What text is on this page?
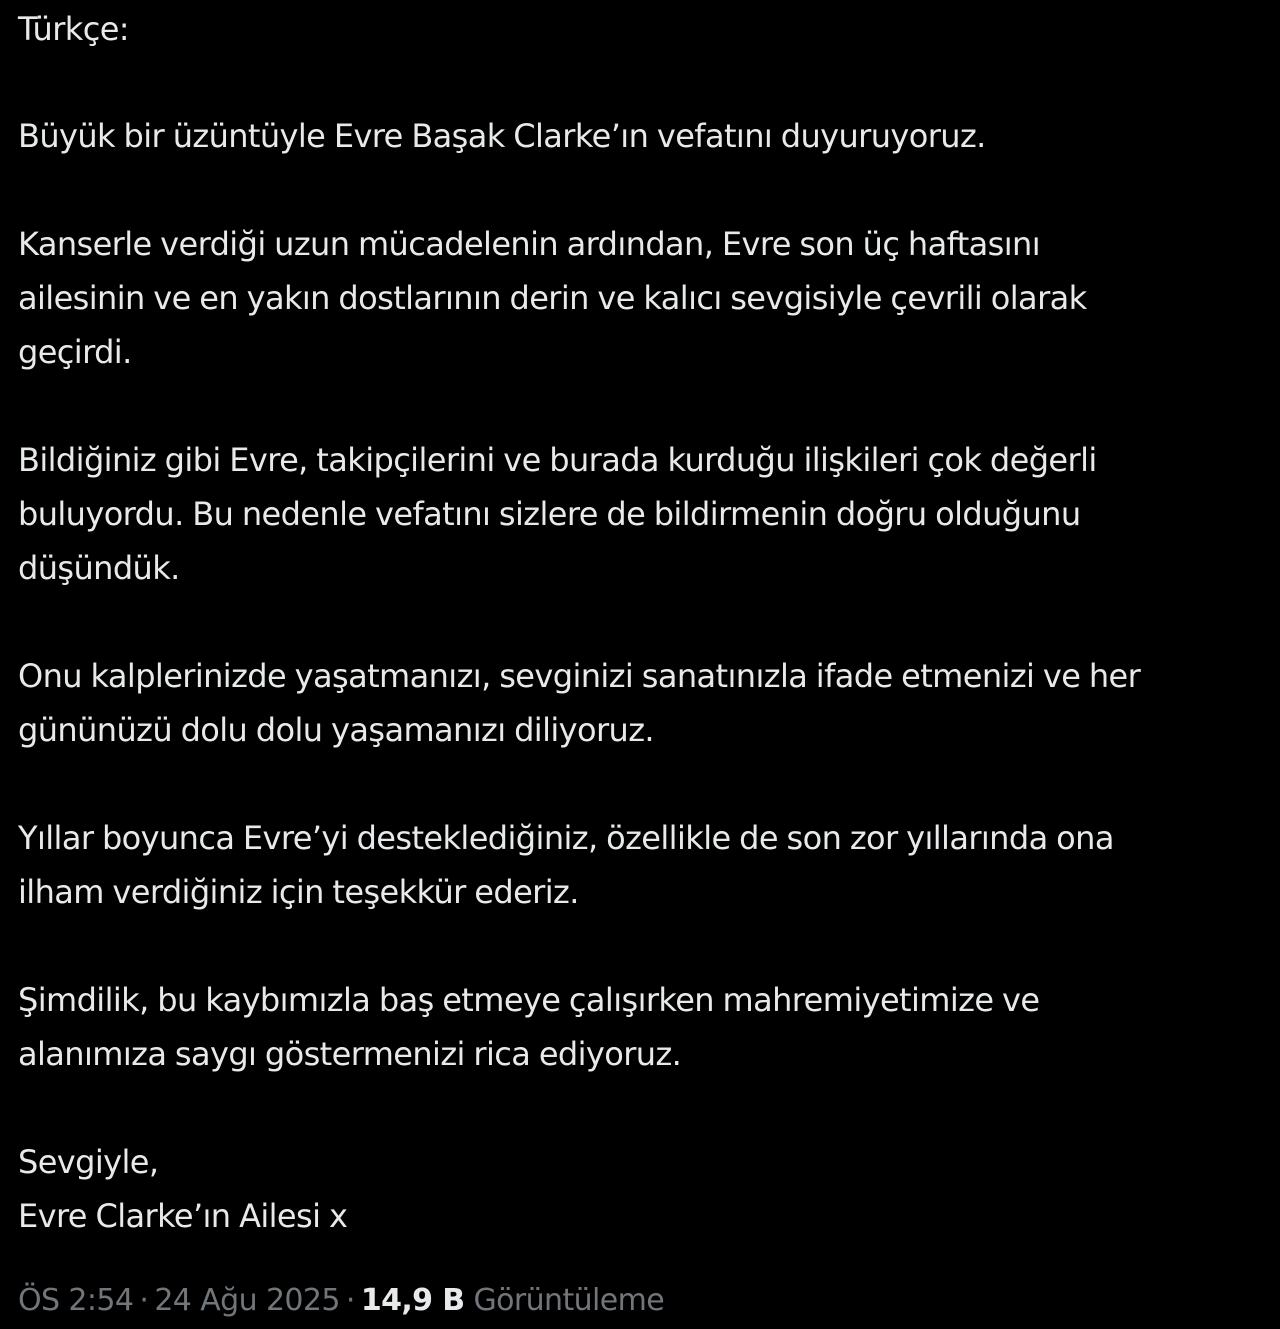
Türkçe:
Büyük bir üzüntüyle Evre Başak Clarke’ın vefatını duyuruyoruz.
Kanserle verdiği uzun mücadelenin ardından, Evre son üç haftasını
ailesinin ve en yakın dostlarının derin ve kalıcı sevgisiyle çevrili olarak
geçirdi.
Bildiğiniz gibi Evre, takipçilerini ve burada kurduğu ilişkileri çok değerli
buluyordu. Bu nedenle vefatını sizlere de bildirmenin doğru olduğunu
düşündük.
Onu kalplerinizde yaşatmanızı, sevginizi sanatınızla ifade etmenizi ve her
gününüzü dolu dolu yaşamanızı diliyoruz.
Yıllar boyunca Evre’yi desteklediğiniz, özellikle de son zor yıllarında ona
ilham verdiğiniz için teşekkür ederiz.
Şimdilik, bu kaybımızla baş etmeye çalışırken mahremiyetimize ve
alanımıza saygı göstermenizi rica ediyoruz.
Sevgiyle,
Evre Clarke’ın Ailesi x
ÖS 2:54 · 24 Ağu 2025 · 14,9 B Görüntüleme
